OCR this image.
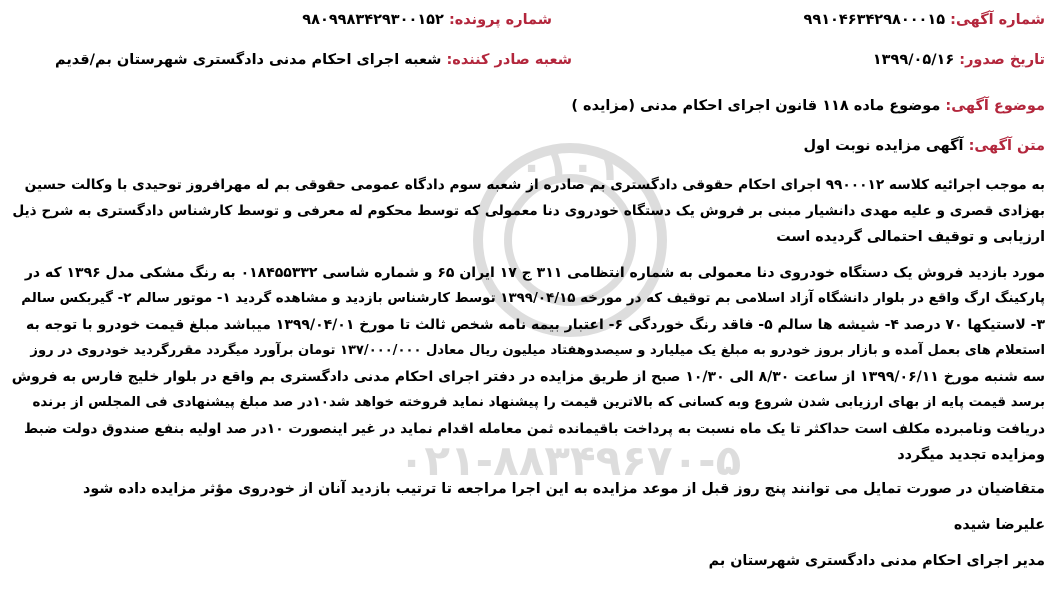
۰۱۰۱
۰۲۱-۸۸۳۴۹۶۷۰-۵
شماره آگهی: ۹۹۱۰۴۶۳۴۲۹۸۰۰۰۱۵
شماره پرونده: ۹۸۰۹۹۸۳۴۲۹۳۰۰۱۵۲
تاریخ صدور: ۱۳۹۹/۰۵/۱۶
شعبه صادر کننده: شعبه اجرای احکام مدنی دادگستری شهرستان بم/قدیم
موضوع آگهی: موضوع ماده ۱۱۸ قانون اجرای احکام مدنی (مزایده )
متن آگهی: آگهی مزایده نوبت اول
به موجب اجرائیه کلاسه ۹۹۰۰۰۱۲ اجرای احکام حقوقی دادگستری بم صادره از شعبه سوم دادگاه عمومی حقوقی بم له مهرافروز توحیدی با وکالت حسین
بهزادی قصری و علیه مهدی دانشیار مبنی بر فروش یک دستگاه خودروی دنا معمولی که توسط محکوم له معرفی و توسط کارشناس دادگستری به شرح ذیل
ارزیابی و توقیف احتمالی گردیده است
مورد بازدید فروش یک دستگاه خودروی دنا معمولی به شماره انتظامی ۳۱۱ ج ۱۷ ایران ۶۵ و شماره شاسی ۰۱۸۴۵۵۳۳۲ به رنگ مشکی مدل ۱۳۹۶ که در
پارکینگ ارگ واقع در بلوار دانشگاه آزاد اسلامی بم توقیف که در مورخه ۱۳۹۹/۰۴/۱۵ توسط کارشناس بازدید و مشاهده گردید ۱- موتور سالم ۲- گیربکس سالم
۳- لاستیکها ۷۰ درصد ۴- شیشه ها سالم ۵- فاقد رنگ خوردگی ۶- اعتبار بیمه نامه شخص ثالث تا مورخ ۱۳۹۹/۰۴/۰۱ میباشد مبلغ قیمت خودرو با توجه به
استعلام های بعمل آمده و بازار بروز خودرو به مبلغ یک میلیارد و سیصدوهفتاد میلیون ریال معادل ۱۳۷/۰۰۰/۰۰۰ تومان برآورد میگردد مقررگردید خودروی در روز
سه شنبه مورخ ۱۳۹۹/۰۶/۱۱ از ساعت ۸/۳۰ الی ۱۰/۳۰ صبح از طریق مزایده در دفتر اجرای احکام مدنی دادگستری بم واقع در بلوار خلیج فارس به فروش
برسد قیمت پایه از بهای ارزیابی شدن شروع وبه کسانی که بالاترین قیمت را پیشنهاد نماید فروخته خواهد شد۱۰در صد مبلغ پیشنهادی فی المجلس از برنده
دریافت ونامبرده مکلف است حداکثر تا یک ماه نسبت به پرداخت باقیمانده ثمن معامله اقدام نماید در غیر اینصورت ۱۰در صد اولیه بنفع صندوق دولت ضبط
ومزایده تجدید میگردد
متقاضیان در صورت تمایل می توانند پنج روز قبل از موعد مزایده به این اجرا مراجعه تا ترتیب بازدید آنان از خودروی مؤثر مزایده داده شود
علیرضا شیده
مدیر اجرای احکام مدنی دادگستری شهرستان بم
